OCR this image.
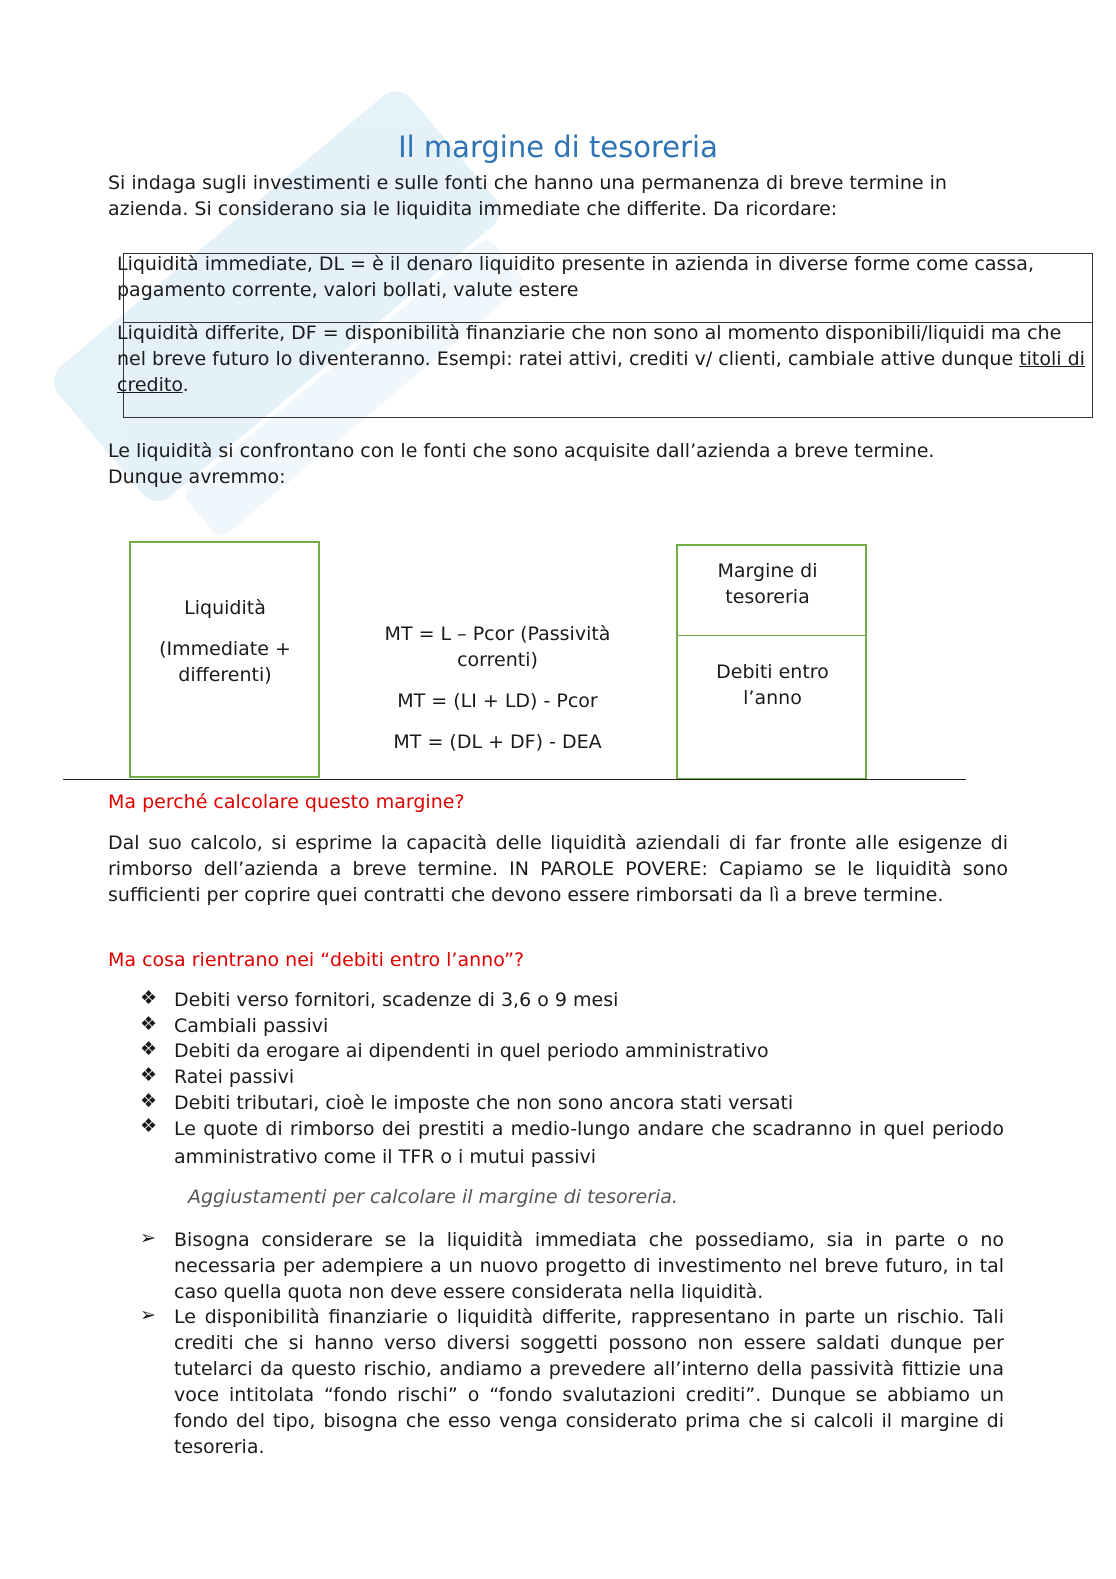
Il margine di tesoreria
Si indaga sugli investimenti e sulle fonti che hanno una permanenza di breve termine in azienda. Si considerano sia le liquidita immediate che differite. Da ricordare:
Liquidità immediate, DL = è il denaro liquidito presente in azienda in diverse forme come cassa, pagamento corrente, valori bollati, valute estere
Liquidità differite, DF = disponibilità finanziarie che non sono al momento disponibili/liquidi ma che nel breve futuro lo diventeranno. Esempi: ratei attivi, crediti v/ clienti, cambiale attive dunque titoli di credito.
Le liquidità si confrontano con le fonti che sono acquisite dall’azienda a breve termine. Dunque avremmo:
Liquidità
(Immediate + differenti)
MT = L – Pcor (Passività correnti)
MT = (LI + LD) - Pcor
MT = (DL + DF) - DEA
Margine di tesoreria
Debiti entro l’anno
Ma perché calcolare questo margine?
Dal suo calcolo, si esprime la capacità delle liquidità aziendali di far fronte alle esigenze di rimborso dell’azienda a breve termine. IN PAROLE POVERE: Capiamo se le liquidità sono sufficienti per coprire quei contratti che devono essere rimborsati da lì a breve termine.
Ma cosa rientrano nei “debiti entro l’anno”?
❖ Debiti verso fornitori, scadenze di 3,6 o 9 mesi
❖ Cambiali passivi
❖ Debiti da erogare ai dipendenti in quel periodo amministrativo
❖ Ratei passivi
❖ Debiti tributari, cioè le imposte che non sono ancora stati versati
❖ Le quote di rimborso dei prestiti a medio-lungo andare che scadranno in quel periodo amministrativo come il TFR o i mutui passivi
Aggiustamenti per calcolare il margine di tesoreria.
➢ Bisogna considerare se la liquidità immediata che possediamo, sia in parte o no necessaria per adempiere a un nuovo progetto di investimento nel breve futuro, in tal caso quella quota non deve essere considerata nella liquidità.
➢ Le disponibilità finanziarie o liquidità differite, rappresentano in parte un rischio. Tali crediti che si hanno verso diversi soggetti possono non essere saldati dunque per tutelarci da questo rischio, andiamo a prevedere all’interno della passività fittizie una voce intitolata “fondo rischi” o “fondo svalutazioni crediti”. Dunque se abbiamo un fondo del tipo, bisogna che esso venga considerato prima che si calcoli il margine di tesoreria.
